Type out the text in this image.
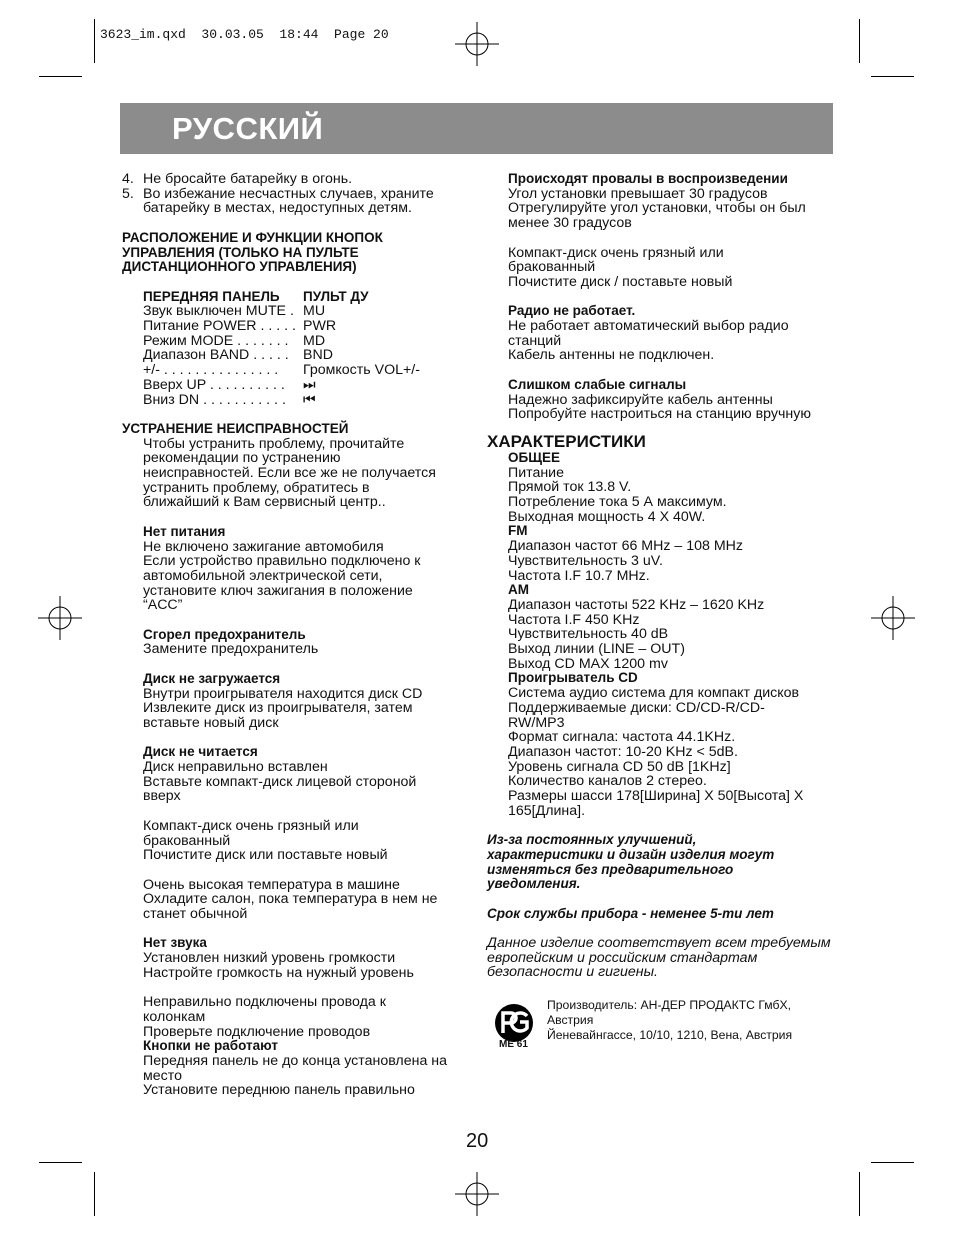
3623_im.qxd  30.03.05  18:44  Page 20
РУССКИЙ
4. Не бросайте батарейку в огонь.
5. Во избежание несчастных случаев, храните
батарейку в местах, недоступных детям.
РАСПОЛОЖЕНИЕ И ФУНКЦИИ КНОПОК
УПРАВЛЕНИЯ (ТОЛЬКО НА ПУЛЬТЕ
ДИСТАНЦИОННОГО УПРАВЛЕНИЯ)
ПЕРЕДНЯЯ ПАНЕЛЬ	ПУЛЬТ ДУ
Звук выключен MUTE . MU
Питание POWER . . . . . PWR
Режим MODE . . . . . . .	MD
Диапазон BAND . . . . .	BND
+/- . . . . . . . . . . . . . . .	Громкость VOL+/-
Вверх UP . . . . . . . . . .	⏭
Вниз DN . . . . . . . . . . .	⏮
УСТРАНЕНИЕ НЕИСПРАВНОСТЕЙ
Чтобы устранить проблему, прочитайте
рекомендации по устранению
неисправностей. Если все же не получается
устранить проблему, обратитесь в
ближайший к Вам сервисный центр..
Нет питания
Не включено зажигание автомобиля
Если устройство правильно подключено к
автомобильной электрической сети,
установите ключ зажигания в положение
“ACC”
Сгорел предохранитель
Замените предохранитель
Диск не загружается
Внутри проигрывателя находится диск CD
Извлеките диск из проигрывателя, затем
вставьте новый диск
Диск не читается
Диск неправильно вставлен
Вставьте компакт-диск лицевой стороной
вверх
Компакт-диск очень грязный или
бракованный
Почистите диск или поставьте новый
Очень высокая температура в машине
Охладите салон, пока температура в нем не
станет обычной
Нет звука
Установлен низкий уровень громкости
Настройте громкость на нужный уровень
Неправильно подключены провода к
колонкам
Проверьте подключение проводов
Кнопки не работают
Передняя панель не до конца установлена на
место
Установите переднюю панель правильно
Происходят провалы в воспроизведении
Угол установки превышает 30 градусов
Отрегулируйте угол установки, чтобы он был
менее 30 градусов
Компакт-диск очень грязный или
бракованный
Почистите диск / поставьте новый
Радио не работает.
Не работает автоматический выбор радио
станций
Кабель антенны не подключен.
Слишком слабые сигналы
Надежно зафиксируйте кабель антенны
Попробуйте настроиться на станцию вручную
ХАРАКТЕРИСТИКИ
ОБЩЕЕ
Питание
Прямой ток 13.8 V.
Потребление тока 5 А максимум.
Выходная мощность 4 X 40W.
FM
Диапазон частот 66 MHz – 108 MHz
Чувствительность 3 uV.
Частота I.F 10.7 MHz.
AM
Диапазон частоты 522 KHz – 1620 KHz
Частота I.F 450 KHz
Чувствительность 40 dB
Выход линии (LINE – OUT)
Выход CD MAX 1200 mv
Проигрыватель CD
Система аудио система для компакт дисков
Поддерживаемые диски: CD/CD-R/CD-
RW/MP3
Формат сигнала: частота 44.1KHz.
Диапазон частот: 10-20 KHz < 5dB.
Уровень сигнала CD 50 dB [1KHz]
Количество каналов 2 стерео.
Размеры шасси 178[Ширина] X 50[Высота] X
165[Длина].
Из-за постоянных улучшений,
характеристики и дизайн изделия могут
изменяться без предварительного
уведомления.
Срок службы прибора - неменее 5-ти лет
Данное изделие соответствует всем требуемым
европейским и российским стандартам
безопасности и гигиены.
ME 61
Производитель: АН-ДЕР ПРОДАКТС ГмбХ,
Австрия
Йеневайнгассе, 10/10, 1210, Вена, Австрия
20
